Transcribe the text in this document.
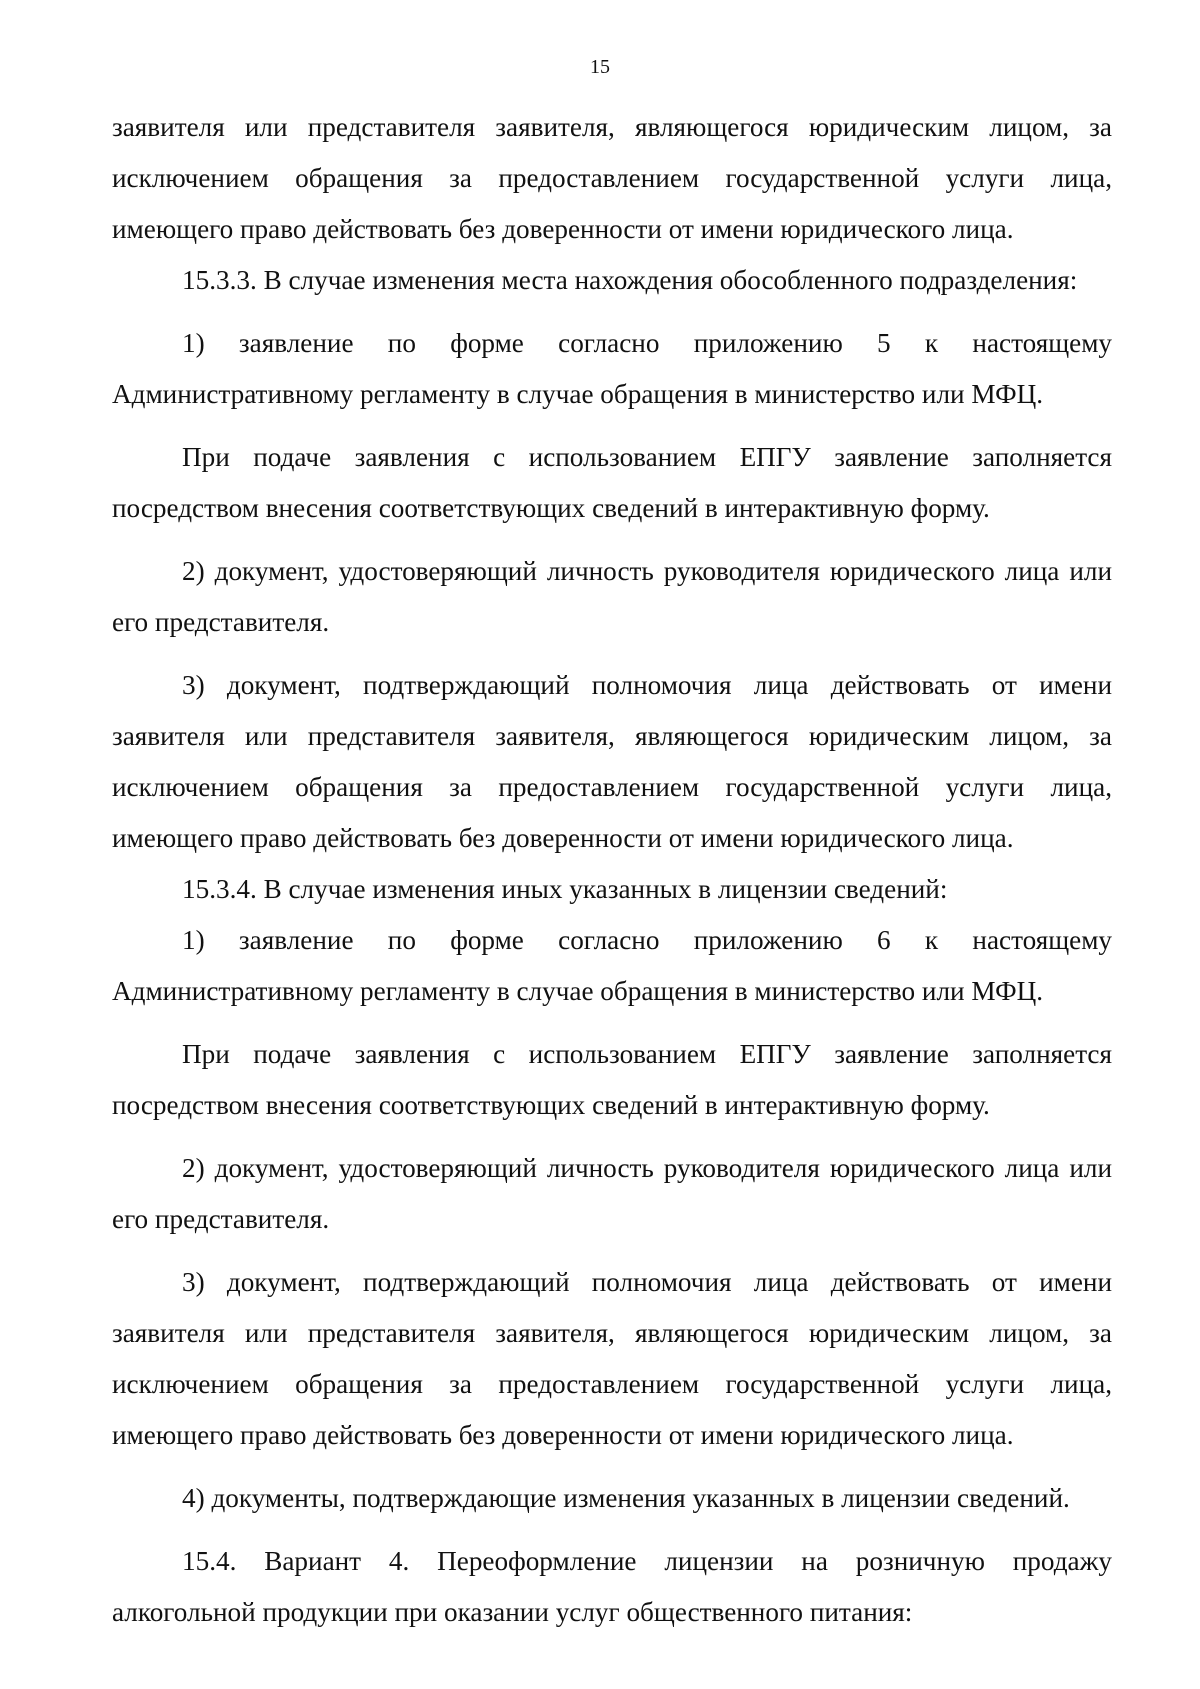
15

заявителя или представителя заявителя, являющегося юридическим лицом, за исключением обращения за предоставлением государственной услуги лица, имеющего право действовать без доверенности от имени юридического лица.

15.3.3. В случае изменения места нахождения обособленного подразделения:

1) заявление по форме согласно приложению 5 к настоящему Административному регламенту в случае обращения в министерство или МФЦ.

При подаче заявления с использованием ЕПГУ заявление заполняется посредством внесения соответствующих сведений в интерактивную форму.

2) документ, удостоверяющий личность руководителя юридического лица или его представителя.

3) документ, подтверждающий полномочия лица действовать от имени заявителя или представителя заявителя, являющегося юридическим лицом, за исключением обращения за предоставлением государственной услуги лица, имеющего право действовать без доверенности от имени юридического лица.

15.3.4. В случае изменения иных указанных в лицензии сведений:

1) заявление по форме согласно приложению 6 к настоящему Административному регламенту в случае обращения в министерство или МФЦ.

При подаче заявления с использованием ЕПГУ заявление заполняется посредством внесения соответствующих сведений в интерактивную форму.

2) документ, удостоверяющий личность руководителя юридического лица или его представителя.

3) документ, подтверждающий полномочия лица действовать от имени заявителя или представителя заявителя, являющегося юридическим лицом, за исключением обращения за предоставлением государственной услуги лица, имеющего право действовать без доверенности от имени юридического лица.

4) документы, подтверждающие изменения указанных в лицензии сведений.

15.4. Вариант 4. Переоформление лицензии на розничную продажу алкогольной продукции при оказании услуг общественного питания:
